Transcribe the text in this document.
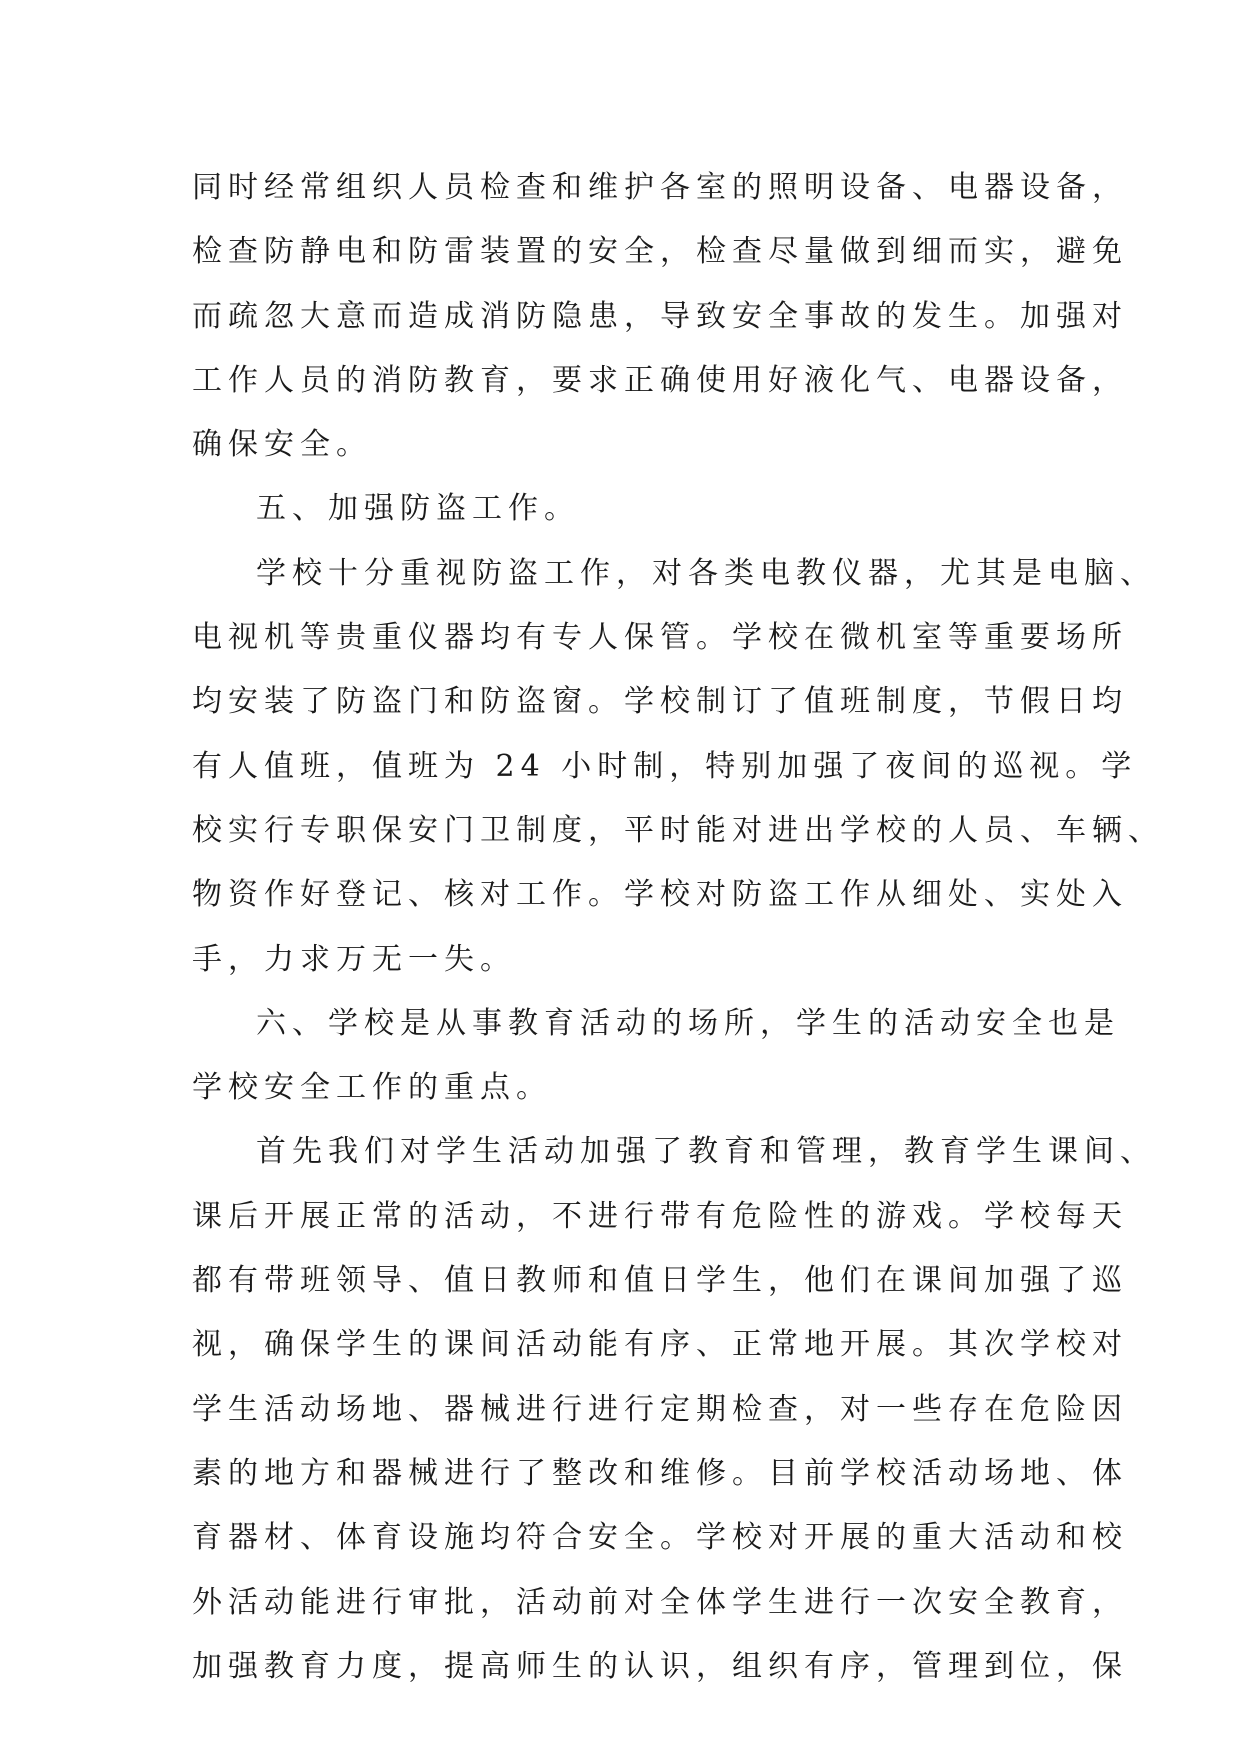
同时经常组织人员检查和维护各室的照明设备、电器设备，
检查防静电和防雷装置的安全，检查尽量做到细而实，避免
而疏忽大意而造成消防隐患，导致安全事故的发生。加强对
工作人员的消防教育，要求正确使用好液化气、电器设备，
确保安全。
五、加强防盗工作。
学校十分重视防盗工作，对各类电教仪器，尤其是电脑、
电视机等贵重仪器均有专人保管。学校在微机室等重要场所
均安装了防盗门和防盗窗。学校制订了值班制度，节假日均
有人值班，值班为 24 小时制，特别加强了夜间的巡视。学
校实行专职保安门卫制度，平时能对进出学校的人员、车辆、
物资作好登记、核对工作。学校对防盗工作从细处、实处入
手，力求万无一失。
六、学校是从事教育活动的场所，学生的活动安全也是
学校安全工作的重点。
首先我们对学生活动加强了教育和管理，教育学生课间、
课后开展正常的活动，不进行带有危险性的游戏。学校每天
都有带班领导、值日教师和值日学生，他们在课间加强了巡
视，确保学生的课间活动能有序、正常地开展。其次学校对
学生活动场地、器械进行进行定期检查，对一些存在危险因
素的地方和器械进行了整改和维修。目前学校活动场地、体
育器材、体育设施均符合安全。学校对开展的重大活动和校
外活动能进行审批，活动前对全体学生进行一次安全教育，
加强教育力度，提高师生的认识，组织有序，管理到位，保
